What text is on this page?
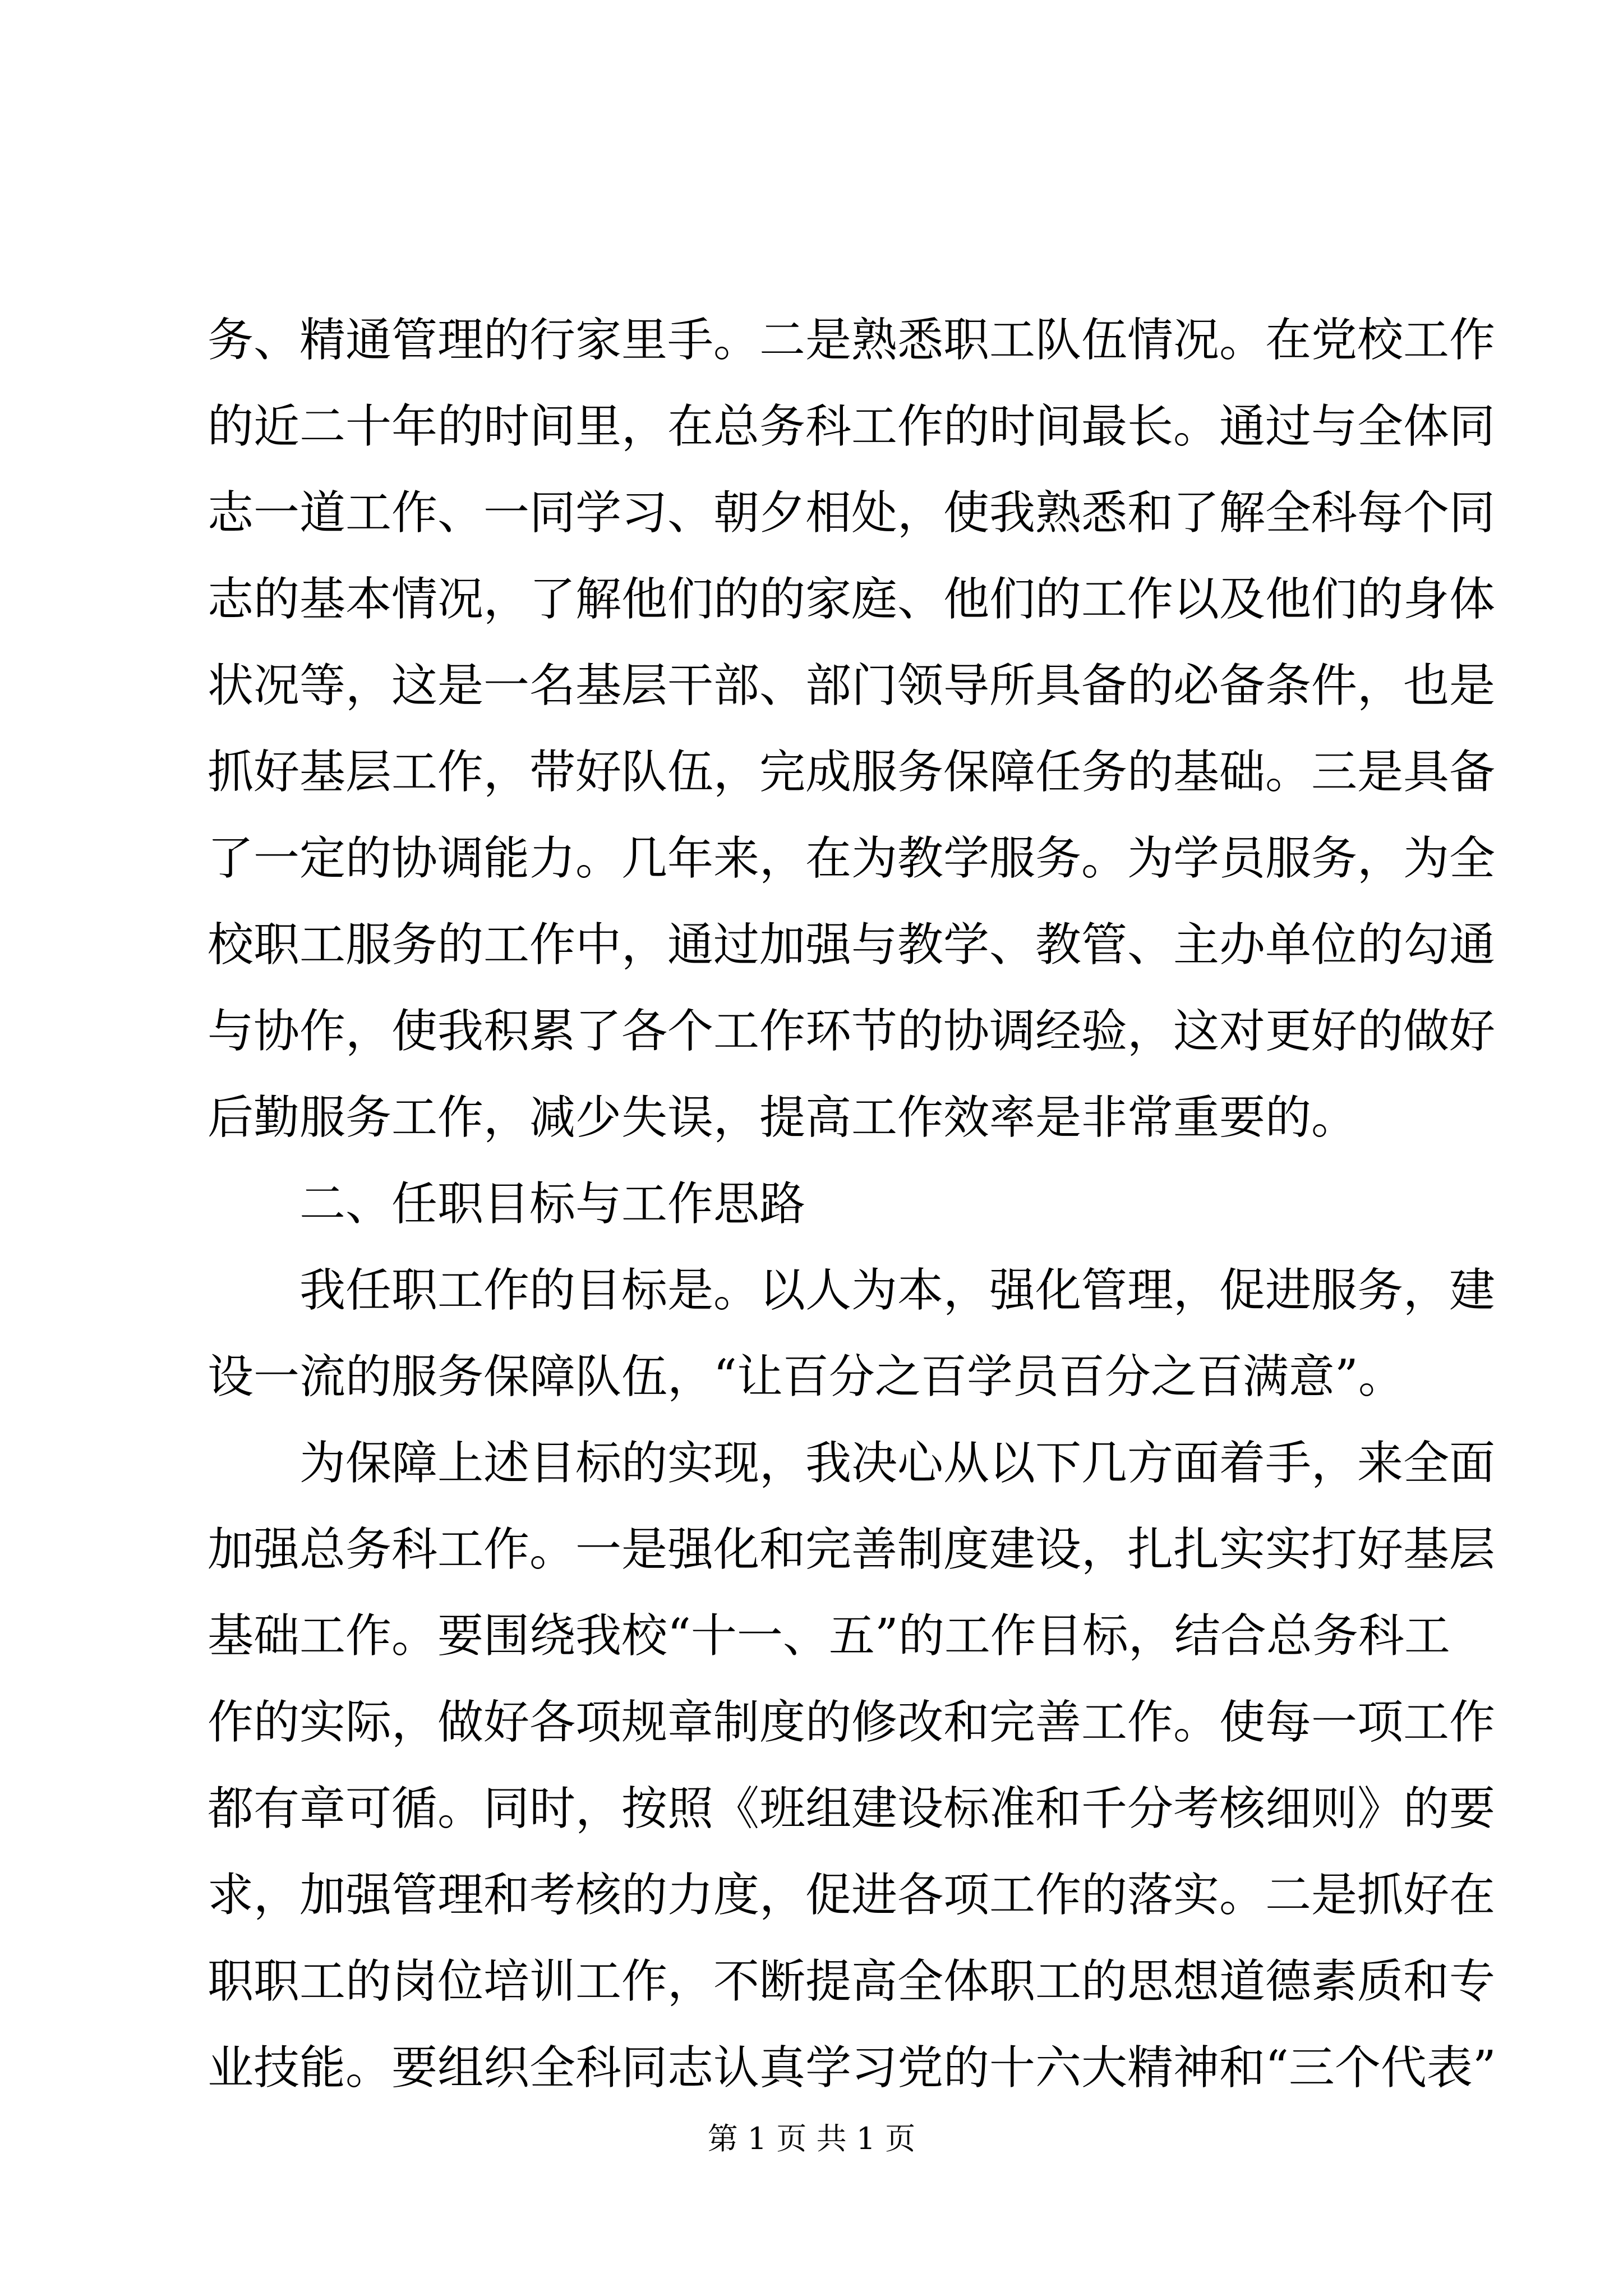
务、精通管理的行家里手。二是熟悉职工队伍情况。在党校工作

的近二十年的时间里，在总务科工作的时间最长。通过与全体同

志一道工作、一同学习、朝夕相处，使我熟悉和了解全科每个同

志的基本情况，了解他们的的家庭、他们的工作以及他们的身体

状况等，这是一名基层干部、部门领导所具备的必备条件，也是

抓好基层工作，带好队伍，完成服务保障任务的基础。三是具备

了一定的协调能力。几年来，在为教学服务。为学员服务，为全

校职工服务的工作中，通过加强与教学、教管、主办单位的勾通

与协作，使我积累了各个工作环节的协调经验，这对更好的做好

后勤服务工作，减少失误，提高工作效率是非常重要的。

二、任职目标与工作思路

我任职工作的目标是。以人为本，强化管理，促进服务，建

设一流的服务保障队伍，“让百分之百学员百分之百满意”。

为保障上述目标的实现，我决心从以下几方面着手，来全面

加强总务科工作。一是强化和完善制度建设，扎扎实实打好基层

基础工作。要围绕我校“十一、五”的工作目标，结合总务科工

作的实际，做好各项规章制度的修改和完善工作。使每一项工作

都有章可循。同时，按照《班组建设标准和千分考核细则》的要

求，加强管理和考核的力度，促进各项工作的落实。二是抓好在

职职工的岗位培训工作，不断提高全体职工的思想道德素质和专

业技能。要组织全科同志认真学习党的十六大精神和“三个代表”

第 1 页 共 1 页
